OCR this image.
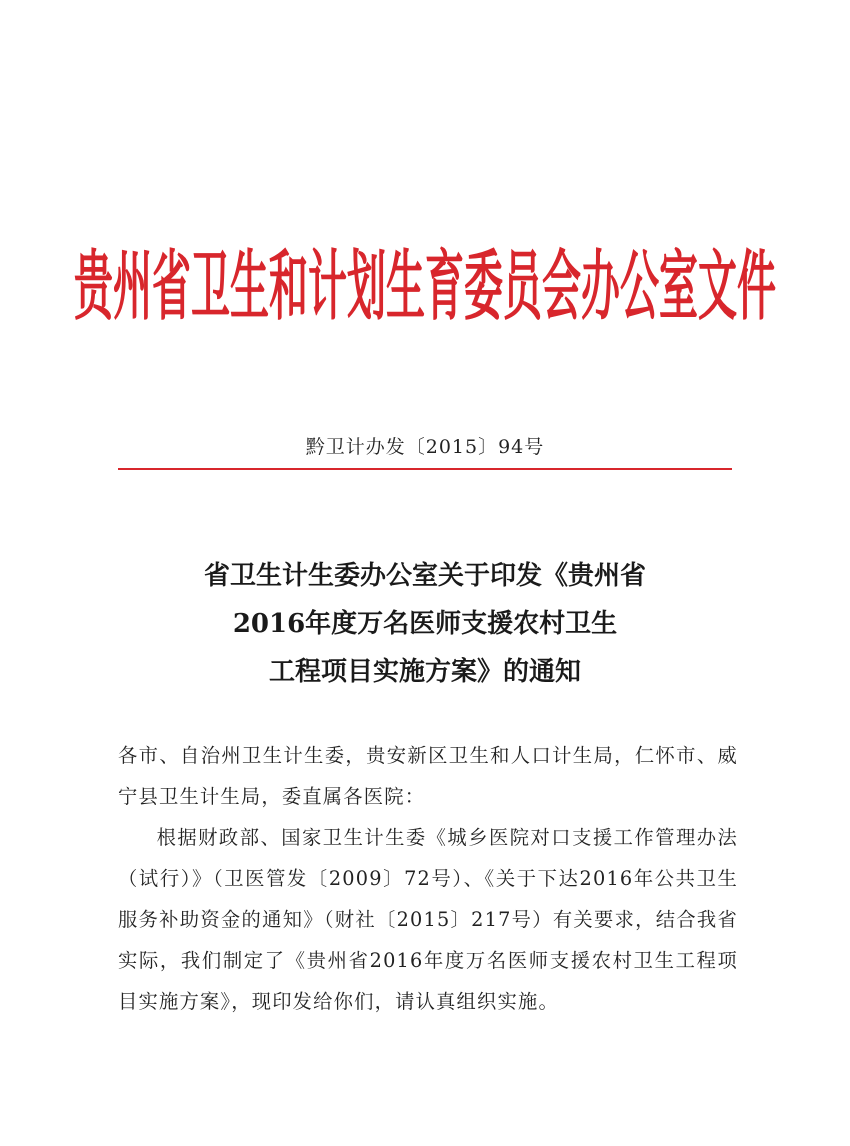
贵州省卫生和计划生育委员会办公室文件
黔卫计办发〔2015〕94号
省卫生计生委办公室关于印发《贵州省
2016年度万名医师支援农村卫生
工程项目实施方案》的通知

各市、自治州卫生计生委，贵安新区卫生和人口计生局，仁怀市、威宁县卫生计生局，委直属各医院：

根据财政部、国家卫生计生委《城乡医院对口支援工作管理办法（试行）》（卫医管发〔2009〕72号）、《关于下达2016年公共卫生服务补助资金的通知》（财社〔2015〕217号）有关要求，结合我省实际，我们制定了《贵州省2016年度万名医师支援农村卫生工程项目实施方案》，现印发给你们，请认真组织实施。
